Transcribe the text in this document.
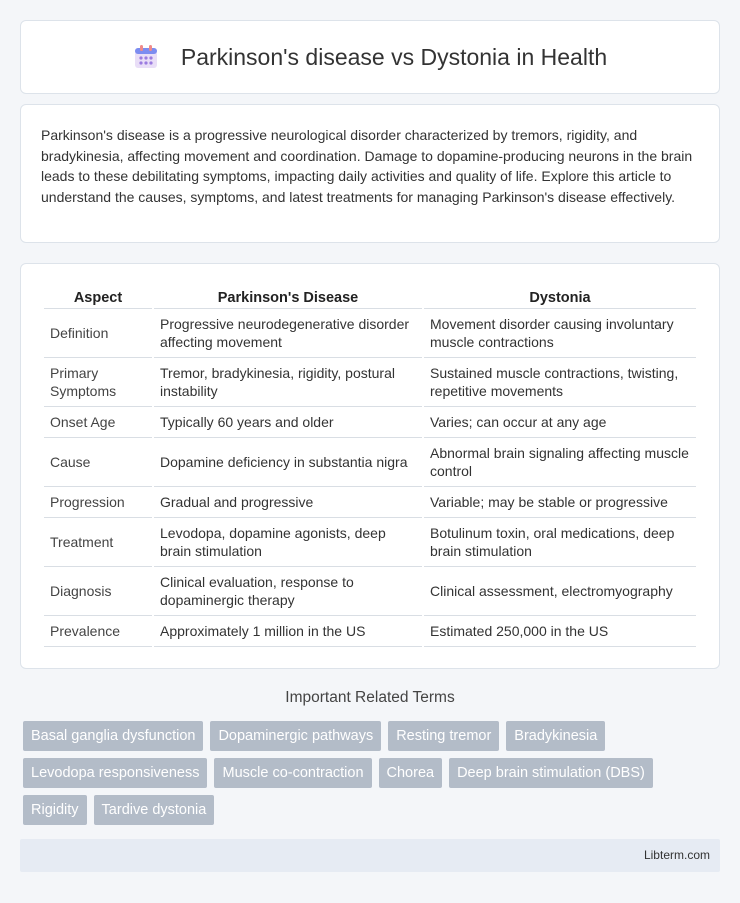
Parkinson's disease vs Dystonia in Health

Parkinson's disease is a progressive neurological disorder characterized by tremors, rigidity, and bradykinesia, affecting movement and coordination. Damage to dopamine-producing neurons in the brain leads to these debilitating symptoms, impacting daily activities and quality of life. Explore this article to understand the causes, symptoms, and latest treatments for managing Parkinson's disease effectively.

Aspect	Parkinson's Disease	Dystonia
Definition	Progressive neurodegenerative disorder affecting movement	Movement disorder causing involuntary muscle contractions
Primary Symptoms	Tremor, bradykinesia, rigidity, postural instability	Sustained muscle contractions, twisting, repetitive movements
Onset Age	Typically 60 years and older	Varies; can occur at any age
Cause	Dopamine deficiency in substantia nigra	Abnormal brain signaling affecting muscle control
Progression	Gradual and progressive	Variable; may be stable or progressive
Treatment	Levodopa, dopamine agonists, deep brain stimulation	Botulinum toxin, oral medications, deep brain stimulation
Diagnosis	Clinical evaluation, response to dopaminergic therapy	Clinical assessment, electromyography
Prevalence	Approximately 1 million in the US	Estimated 250,000 in the US
Important Related Terms
Basal ganglia dysfunction	Dopaminergic pathways	Resting tremor	Bradykinesia
Levodopa responsiveness	Muscle co-contraction	Chorea	Deep brain stimulation (DBS)
Rigidity	Tardive dystonia
Libterm.com
